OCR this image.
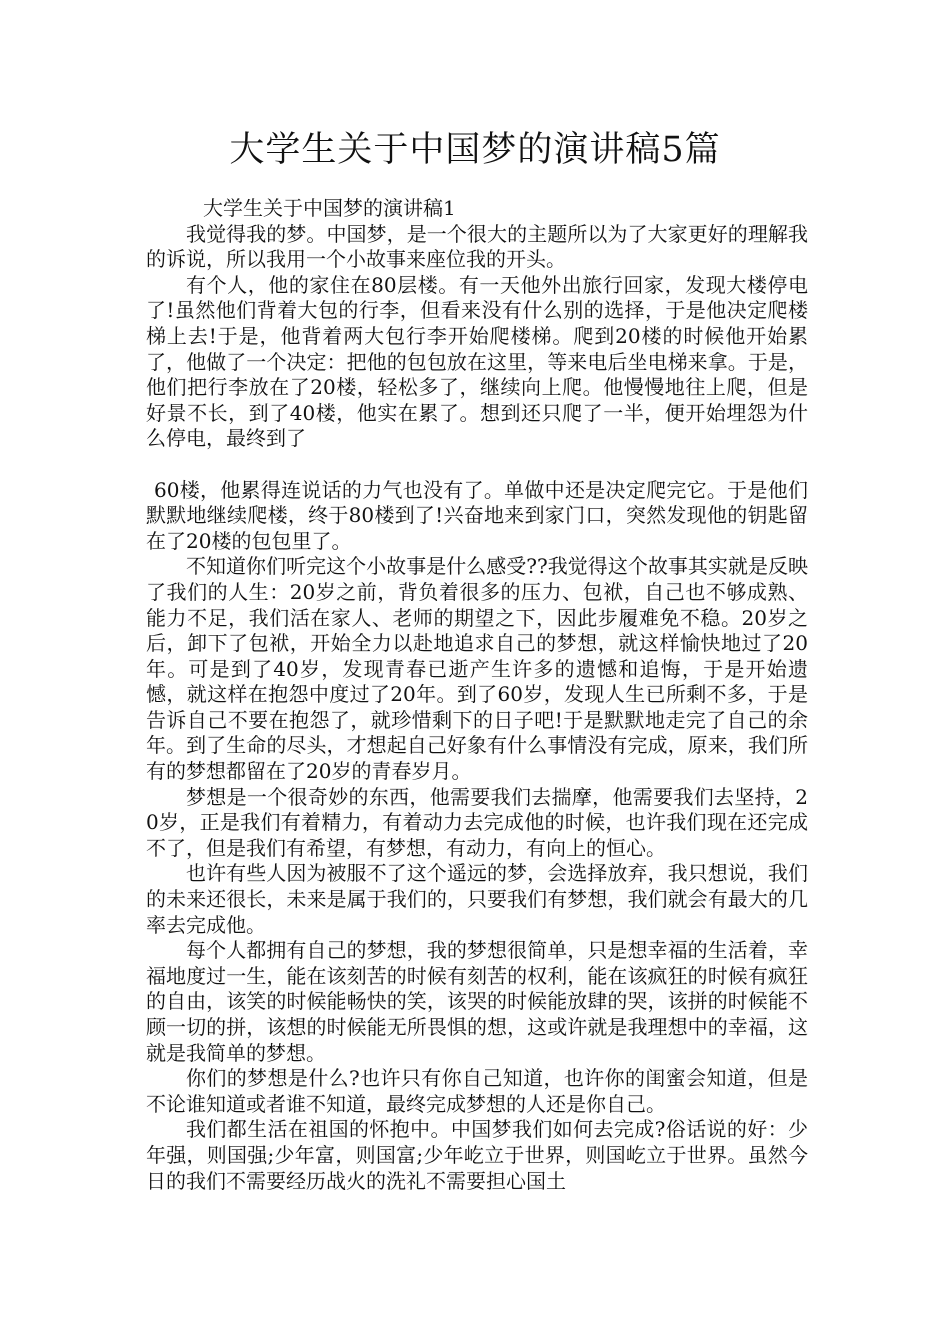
大学生关于中国梦的演讲稿5篇

大学生关于中国梦的演讲稿1

我觉得我的梦。中国梦，是一个很大的主题所以为了大家更好的理解我的诉说，所以我用一个小故事来座位我的开头。

有个人，他的家住在80层楼。有一天他外出旅行回家，发现大楼停电了!虽然他们背着大包的行李，但看来没有什么别的选择，于是他决定爬楼梯上去!于是，他背着两大包行李开始爬楼梯。爬到20楼的时候他开始累了，他做了一个决定：把他的包包放在这里，等来电后坐电梯来拿。于是，他们把行李放在了20楼，轻松多了，继续向上爬。他慢慢地往上爬，但是好景不长，到了40楼，他实在累了。想到还只爬了一半，便开始埋怨为什么停电，最终到了

60楼，他累得连说话的力气也没有了。单做中还是决定爬完它。于是他们默默地继续爬楼，终于80楼到了!兴奋地来到家门口，突然发现他的钥匙留在了20楼的包包里了。

不知道你们听完这个小故事是什么感受??我觉得这个故事其实就是反映了我们的人生：20岁之前，背负着很多的压力、包袱，自己也不够成熟、能力不足，我们活在家人、老师的期望之下，因此步履难免不稳。20岁之后，卸下了包袱，开始全力以赴地追求自己的梦想，就这样愉快地过了20年。可是到了40岁，发现青春已逝产生许多的遗憾和追悔，于是开始遗憾，就这样在抱怨中度过了20年。到了60岁，发现人生已所剩不多，于是告诉自己不要在抱怨了，就珍惜剩下的日子吧!于是默默地走完了自己的余年。到了生命的尽头，才想起自己好象有什么事情没有完成，原来，我们所有的梦想都留在了20岁的青春岁月。

梦想是一个很奇妙的东西，他需要我们去揣摩，他需要我们去坚持，20岁，正是我们有着精力，有着动力去完成他的时候，也许我们现在还完成不了，但是我们有希望，有梦想，有动力，有向上的恒心。

也许有些人因为被服不了这个遥远的梦，会选择放弃，我只想说，我们的未来还很长，未来是属于我们的，只要我们有梦想，我们就会有最大的几率去完成他。

每个人都拥有自己的梦想，我的梦想很简单，只是想幸福的生活着，幸福地度过一生，能在该刻苦的时候有刻苦的权利，能在该疯狂的时候有疯狂的自由，该笑的时候能畅快的笑，该哭的时候能放肆的哭，该拼的时候能不顾一切的拼，该想的时候能无所畏惧的想，这或许就是我理想中的幸福，这就是我简单的梦想。

你们的梦想是什么?也许只有你自己知道，也许你的闺蜜会知道，但是不论谁知道或者谁不知道，最终完成梦想的人还是你自己。

我们都生活在祖国的怀抱中。中国梦我们如何去完成?俗话说的好：少年强，则国强;少年富，则国富;少年屹立于世界，则国屹立于世界。虽然今日的我们不需要经历战火的洗礼不需要担心国土
